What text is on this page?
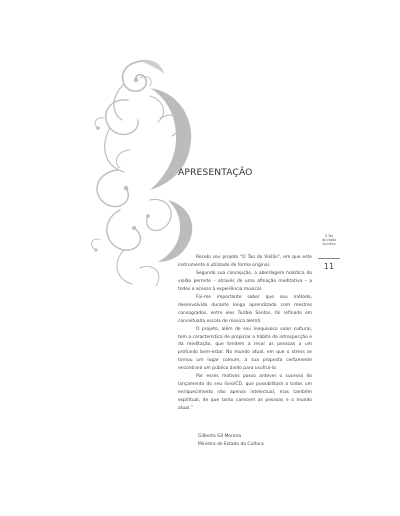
APRESENTAÇÃO
O Tao
do Violão
Acústico
11

Recebi seu projeto “O Tao do Violão”, em que este instrumento é utilizado de forma original.

Segundo sua concepção, a abordagem holística do violão permite – através de uma afinação meditativa – a todos o acesso à experiência musical.

Foi-me importante saber que seu método, desenvolvido durante longo aprendizado com mestres consagrados, entre eles Turíbio Santos, foi refinado em conceituada escola de música alemã.

O projeto, além de seu inequívoco valor cultural, tem a característica de propiciar o hábito da introspecção e da meditação, que tendem a levar as pessoas a um profundo bem-estar. No mundo atual, em que o stress se tornou um lugar comum, a sua proposta certamente encontrará um público ávido para usufruí-la.

Por esses motivos posso antever o sucesso do lançamento do seu livro/CD, que possibilitará a todos um enriquecimento não apenas intelectual, mas também espiritual, de que tanto carecem as pessoas e o mundo atual.”

Gilberto Gil Moreira
Ministro de Estado da Cultura
